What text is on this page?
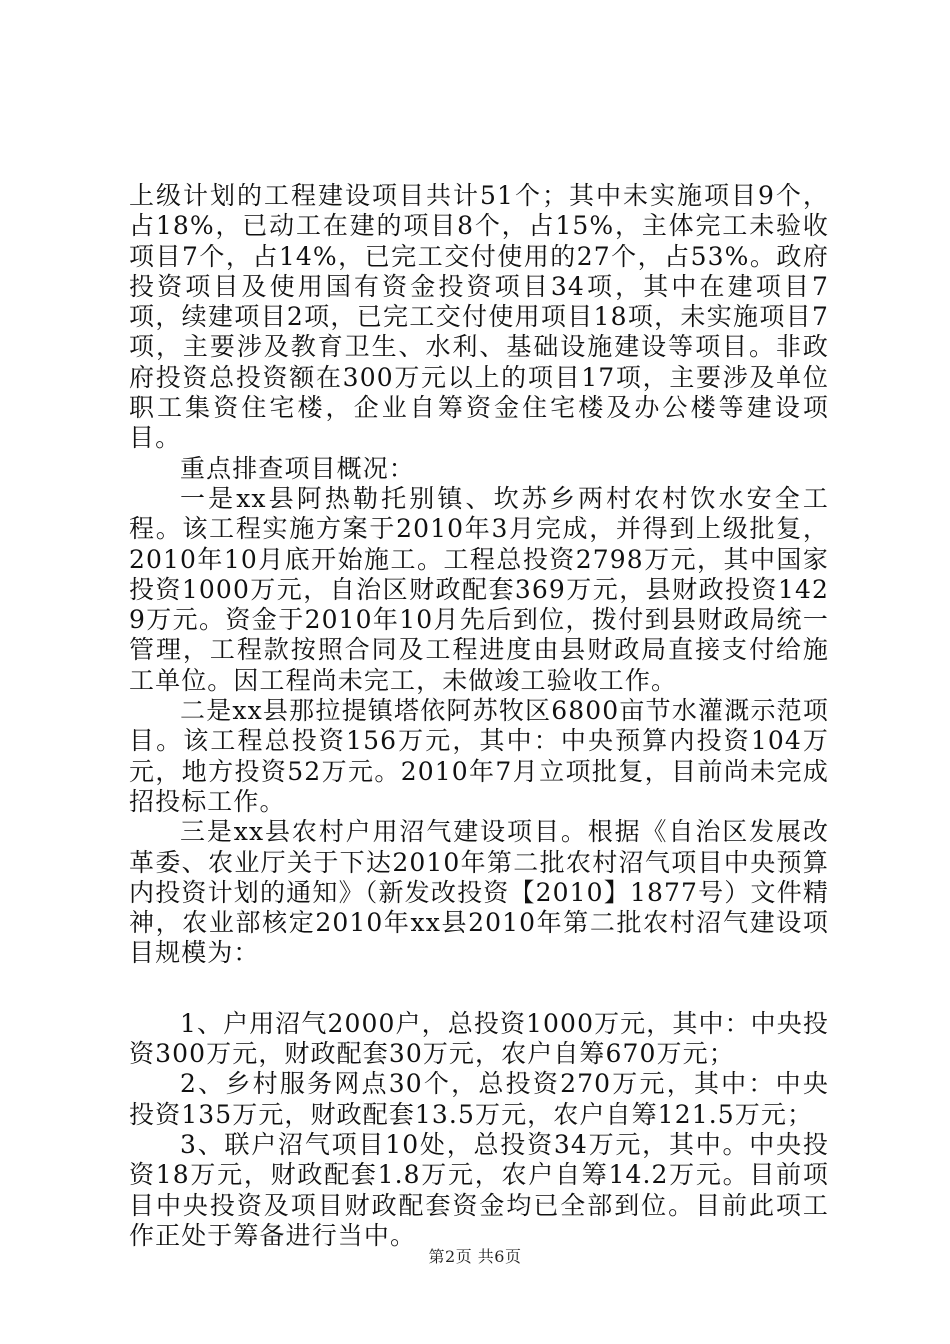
上级计划的工程建设项目共计51个；其中未实施项目9个，占18%，已动工在建的项目8个，占15%，主体完工未验收项目7个，占14%，已完工交付使用的27个，占53%。政府投资项目及使用国有资金投资项目34项，其中在建项目7项，续建项目2项，已完工交付使用项目18项，未实施项目7项，主要涉及教育卫生、水利、基础设施建设等项目。非政府投资总投资额在300万元以上的项目17项，主要涉及单位职工集资住宅楼，企业自筹资金住宅楼及办公楼等建设项目。

重点排查项目概况：

一是xx县阿热勒托别镇、坎苏乡两村农村饮水安全工程。该工程实施方案于2010年3月完成，并得到上级批复，2010年10月底开始施工。工程总投资2798万元，其中国家投资1000万元，自治区财政配套369万元，县财政投资1429万元。资金于2010年10月先后到位，拨付到县财政局统一管理，工程款按照合同及工程进度由县财政局直接支付给施工单位。因工程尚未完工，未做竣工验收工作。

二是xx县那拉提镇塔依阿苏牧区6800亩节水灌溉示范项目。该工程总投资156万元，其中：中央预算内投资104万元，地方投资52万元。2010年7月立项批复，目前尚未完成招投标工作。

三是xx县农村户用沼气建设项目。根据《自治区发展改革委、农业厅关于下达2010年第二批农村沼气项目中央预算内投资计划的通知》（新发改投资【2010】1877号）文件精神，农业部核定2010年xx县2010年第二批农村沼气建设项目规模为：

1、户用沼气2000户，总投资1000万元，其中：中央投资300万元，财政配套30万元，农户自筹670万元；

2、乡村服务网点30个，总投资270万元，其中：中央投资135万元，财政配套13.5万元，农户自筹121.5万元；

3、联户沼气项目10处，总投资34万元，其中。中央投资18万元，财政配套1.8万元，农户自筹14.2万元。目前项目中央投资及项目财政配套资金均已全部到位。目前此项工作正处于筹备进行当中。

第2页 共6页
